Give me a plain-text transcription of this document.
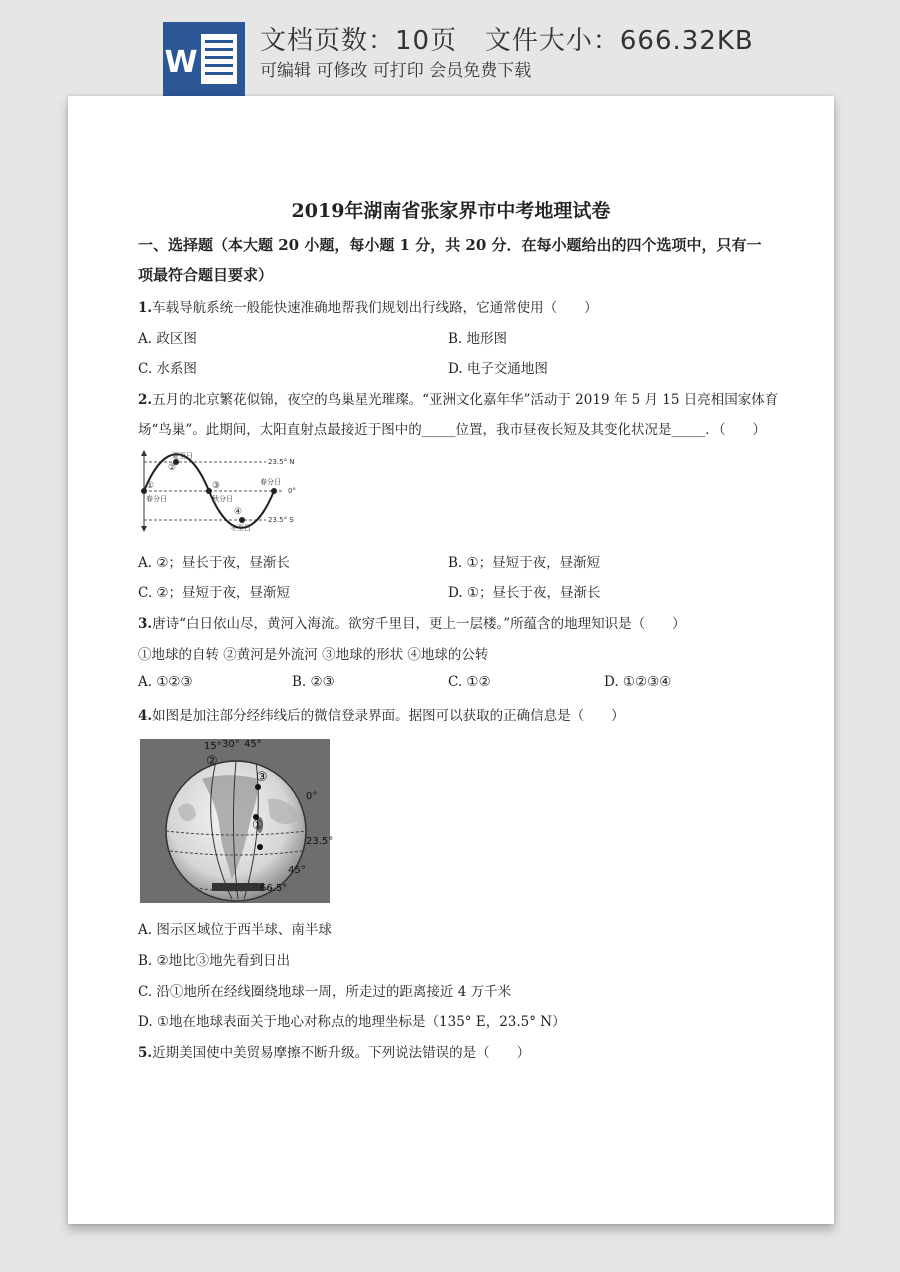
W
文档页数：10页   文件大小：666.32KB
可编辑 可修改 可打印 会员免费下载
2019年湖南省张家界市中考地理试卷
一、选择题（本大题 20 小题，每小题 1 分，共 20 分．在每小题给出的四个选项中，只有一
项最符合题目要求）
1.车载导航系统一般能快速准确地帮我们规划出行线路，它通常使用（　　）
A. 政区图	B. 地形图
C. 水系图	D. 电子交通地图
2.五月的北京繁花似锦，夜空的鸟巢星光璀璨。“亚洲文化嘉年华”活动于 2019 年 5 月 15 日亮相国家体育
场“鸟巢”。此期间，太阳直射点最接近于图中的_____位置，我市昼夜长短及其变化状况是_____．（　　）
夏至日
②
①
春分日
③
秋分日
④
冬至日
春分日
23.5° N
0°
23.5° S
A. ②；昼长于夜，昼渐长	B. ①；昼短于夜，昼渐短
C. ②；昼短于夜，昼渐短	D. ①；昼长于夜，昼渐长
3.唐诗“白日依山尽，黄河入海流。欲穷千里目，更上一层楼。”所蕴含的地理知识是（　　）
①地球的自转 ②黄河是外流河 ③地球的形状 ④地球的公转
A. ①②③	B. ②③	C. ①②	D. ①②③④
4.如图是加注部分经纬线后的微信登录界面。据图可以获取的正确信息是（　　）
15° 30° 45°
0°
23.5°
45°
66.5°
②
③
①
A. 图示区域位于西半球、南半球
B. ②地比③地先看到日出
C. 沿①地所在经线圈绕地球一周，所走过的距离接近 4 万千米
D. ①地在地球表面关于地心对称点的地理坐标是（135° E，23.5° N）
5.近期美国使中美贸易摩擦不断升级。下列说法错误的是（　　）
